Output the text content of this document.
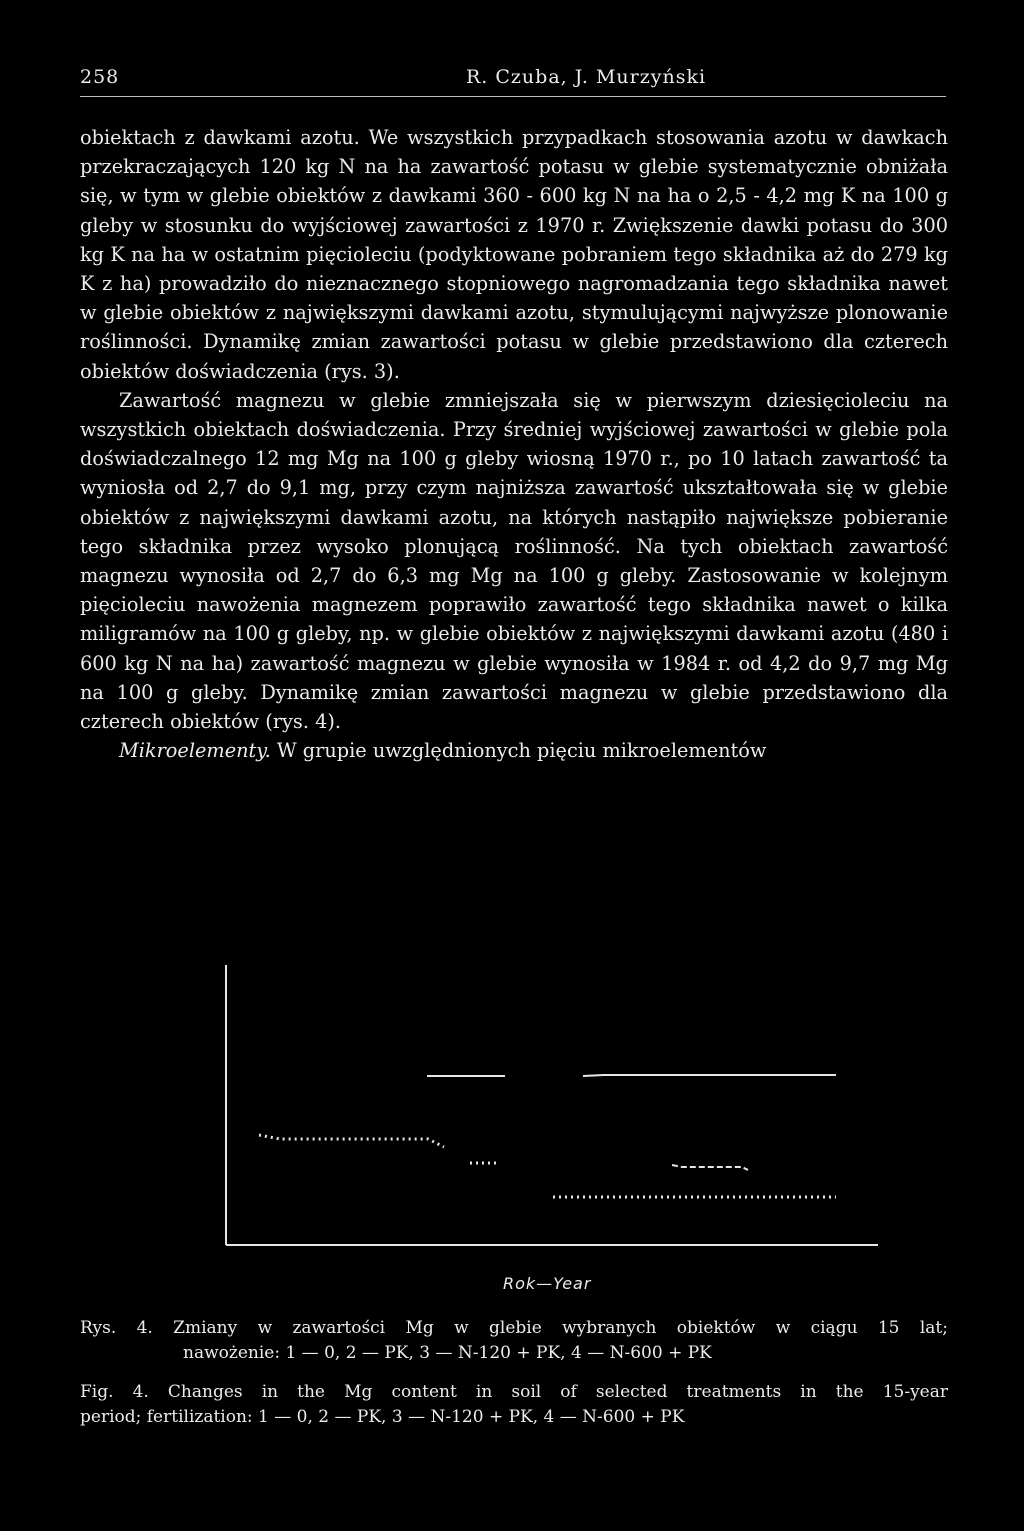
258	R. Czuba, J. Murzyński

obiektach z dawkami azotu. We wszystkich przypadkach stosowania azotu w dawkach przekraczających 120 kg N na ha zawartość potasu w glebie systematycznie obniżała się, w tym w glebie obiektów z dawkami 360 - 600 kg N na ha o 2,5 - 4,2 mg K na 100 g gleby w stosunku do wyjściowej zawartości z 1970 r. Zwiększenie dawki potasu do 300 kg K na ha w ostatnim pięcioleciu (podyktowane pobraniem tego składnika aż do 279 kg K z ha) prowadziło do nieznacznego stopniowego nagromadzania tego składnika nawet w glebie obiektów z największymi dawkami azotu, stymulującymi najwyższe plonowanie roślinności. Dynamikę zmian zawartości potasu w glebie przedstawiono dla czterech obiektów doświadczenia (rys. 3).

Zawartość magnezu w glebie zmniejszała się w pierwszym dziesięcioleciu na wszystkich obiektach doświadczenia. Przy średniej wyjściowej zawartości w glebie pola doświadczalnego 12 mg Mg na 100 g gleby wiosną 1970 r., po 10 latach zawartość ta wyniosła od 2,7 do 9,1 mg, przy czym najniższa zawartość ukształtowała się w glebie obiektów z największymi dawkami azotu, na których nastąpiło największe pobieranie tego składnika przez wysoko plonującą roślinność. Na tych obiektach zawartość magnezu wynosiła od 2,7 do 6,3 mg Mg na 100 g gleby. Zastosowanie w kolejnym pięcioleciu nawożenia magnezem poprawiło zawartość tego składnika nawet o kilka miligramów na 100 g gleby, np. w glebie obiektów z największymi dawkami azotu (480 i 600 kg N na ha) zawartość magnezu w glebie wynosiła w 1984 r. od 4,2 do 9,7 mg Mg na 100 g gleby. Dynamikę zmian zawartości magnezu w glebie przedstawiono dla czterech obiektów (rys. 4).

Mikroelementy. W grupie uwzględnionych pięciu mikroelementów

Rok—Year
Rys. 4. Zmiany w zawartości Mg w glebie wybranych obiektów w ciągu 15 lat;
nawożenie: 1 — 0, 2 — PK, 3 — N-120 + PK, 4 — N-600 + PK
Fig. 4. Changes in the Mg content in soil of selected treatments in the 15-year
period; fertilization: 1 — 0, 2 — PK, 3 — N-120 + PK, 4 — N-600 + PK
